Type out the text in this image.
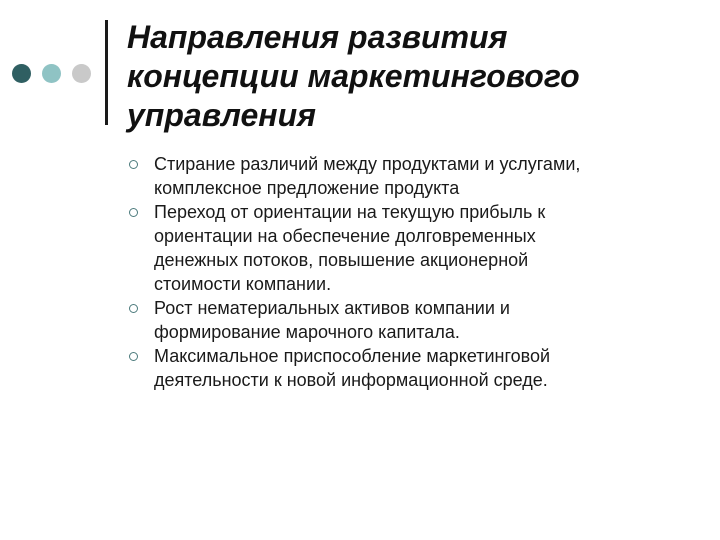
Направления развития
концепции маркетингового
управления
Стирание различий между продуктами и услугами,
комплексное предложение продукта
Переход от ориентации на текущую прибыль к
ориентации на обеспечение долговременных
денежных потоков, повышение акционерной
стоимости компании.
Рост нематериальных активов компании и
формирование марочного капитала.
Максимальное приспособление маркетинговой
деятельности к новой информационной среде.
